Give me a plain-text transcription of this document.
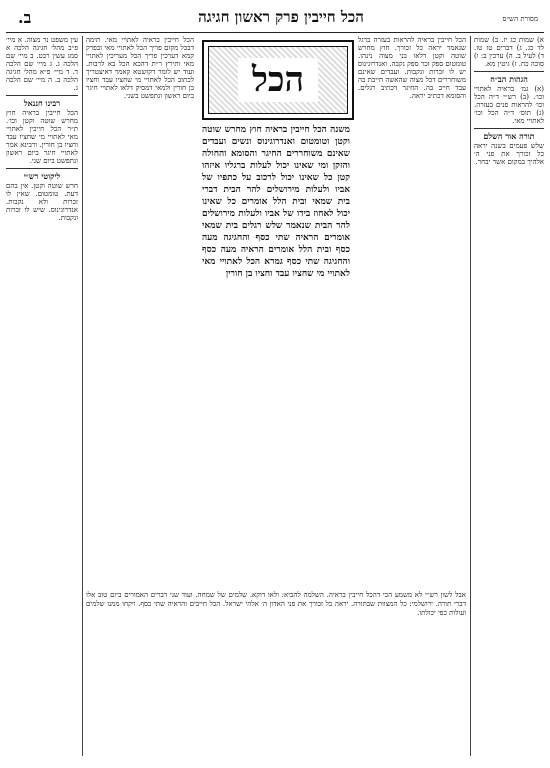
מסורת הש״ס
הכל חייבין פרק ראשון חגיגה
ב.

א) שמות כג יז. ב) שמות לד כג. ג) דברים טז טז. ד) לעיל ב. ה) ערכין ב: ו) סוכה כח. ז) גיטין מא.

הגהות הב״ח

(א) גמ׳ בראיה לאתויי וכו׳. (ב) רש״י ד״ה הכל וכו׳ להראות פנים בעזרה. (ג) תוס׳ ד״ה הכל וכו׳ לאתויי מאי.

תורה אור השלם

שלש פעמים בשנה יראה כל זכורך את פני ה׳ אלהיך במקום אשר יבחר.

הכל חייבין בראיה להראות בעזרה ברגל שנאמר יראה כל זכורך. חוץ מחרש שוטה וקטן דלאו בני מצוה נינהו. טומטום ספק זכר ספק נקבה. ואנדרוגינוס יש לו זכרות ונקבות. ועבדים שאינם משוחררים דכל מצוה שהאשה חייבת בה עבד חייב בה. החיגר דכתיב רגלים. והסומא דכתיב יראה.

הכל חייבין בראיה לאתויי מאי. תימה דבכל מקום פריך הכל לאתויי מאי ובפרק קמא דערכין פריך הכל מעריכין לאתויי מאי ותירץ ר״ת דהכא הכל בא לרבות. ועוד יש לומר דקושטא קאמר דאיצטריך לכתוב הכל לאתויי מי שחציו עבד וחציו בן חורין ולמאי דמסיק דלאו לאתויי חיגר ביום ראשון ונתפשט בשני.	הכל

משנה הכל חייבין בראיה חוץ מחרש שוטה וקטן וטומטום ואנדרוגינוס ונשים ועבדים שאינם משוחררים החיגר והסומא והחולה והזקן ומי שאינו יכול לעלות ברגליו איזהו קטן כל שאינו יכול לרכוב על כתפיו של אביו ולעלות מירושלים להר הבית דברי בית שמאי ובית הלל אומרים כל שאינו יכול לאחוז בידו של אביו ולעלות מירושלים להר הבית שנאמר שלש רגלים בית שמאי אומרים הראיה שתי כסף והחגיגה מעה כסף ובית הלל אומרים הראיה מעה כסף והחגיגה שתי כסף גמרא הכל לאתויי מאי לאתויי מי שחציו עבד וחציו בן חורין

אבל לשון רש״י לא משמע הכי דהכל חייבין בראיה. השלמה להביא: ולאו דוקא. שלמים של שמחה. ועוד שני דברים האמורים ביום טוב אלו דברי תורה. ירושלמי: כל המצוות שבתורה. יראה כל זכורך את פני האדון ה׳ אלהי ישראל. הכל חייבים והראיה שתי כסף. ויקחו ממנו שלמים ועולות כפי יכולתו.

עין משפט נר מצוה. א מיי׳ פ״ב מהל׳ חגיגה הלכה א סמג עשין רכט. ב מיי׳ שם הלכה ג. ג מיי׳ שם הלכה ד. ד מיי׳ פ״א מהל׳ חגיגה הלכה ב. ה מיי׳ שם הלכה ג.

רבינו חננאל

הכל חייבין בראיה חוץ מחרש שוטה וקטן וכו׳. ת״ר הכל חייבין לאתויי מאי לאתויי מי שחציו עבד וחציו בן חורין. ורבינא אמר לאתויי חיגר ביום ראשון ונתפשט ביום שני.

ליקוטי רש״י

חרש שוטה וקטן. אין בהם דעת. טומטום. שאין לו זכרות ולא נקבות. אנדרוגינוס. שיש לו זכרות ונקבות.
